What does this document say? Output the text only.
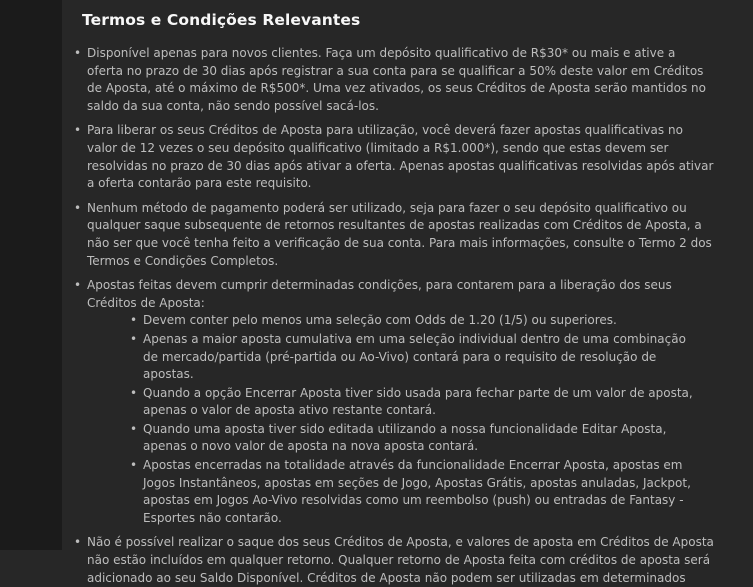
Termos e Condições Relevantes
• Disponível apenas para novos clientes. Faça um depósito qualificativo de R$30* ou mais e ative a oferta no prazo de 30 dias após registrar a sua conta para se qualificar a 50% deste valor em Créditos de Aposta, até o máximo de R$500*. Uma vez ativados, os seus Créditos de Aposta serão mantidos no saldo da sua conta, não sendo possível sacá-los.
• Para liberar os seus Créditos de Aposta para utilização, você deverá fazer apostas qualificativas no valor de 12 vezes o seu depósito qualificativo (limitado a R$1.000*), sendo que estas devem ser resolvidas no prazo de 30 dias após ativar a oferta. Apenas apostas qualificativas resolvidas após ativar a oferta contarão para este requisito.
• Nenhum método de pagamento poderá ser utilizado, seja para fazer o seu depósito qualificativo ou qualquer saque subsequente de retornos resultantes de apostas realizadas com Créditos de Aposta, a não ser que você tenha feito a verificação de sua conta. Para mais informações, consulte o Termo 2 dos Termos e Condições Completos.
• Apostas feitas devem cumprir determinadas condições, para contarem para a liberação dos seus Créditos de Aposta:
• Devem conter pelo menos uma seleção com Odds de 1.20 (1/5) ou superiores.
• Apenas a maior aposta cumulativa em uma seleção individual dentro de uma combinação de mercado/partida (pré-partida ou Ao-Vivo) contará para o requisito de resolução de apostas.
• Quando a opção Encerrar Aposta tiver sido usada para fechar parte de um valor de aposta, apenas o valor de aposta ativo restante contará.
• Quando uma aposta tiver sido editada utilizando a nossa funcionalidade Editar Aposta, apenas o novo valor de aposta na nova aposta contará.
• Apostas encerradas na totalidade através da funcionalidade Encerrar Aposta, apostas em Jogos Instantâneos, apostas em seções de Jogo, Apostas Grátis, apostas anuladas, Jackpot, apostas em Jogos Ao-Vivo resolvidas como um reembolso (push) ou entradas de Fantasy - Esportes não contarão.
• Não é possível realizar o saque dos seus Créditos de Aposta, e valores de aposta em Créditos de Aposta não estão incluídos em qualquer retorno. Qualquer retorno de Aposta feita com créditos de aposta será adicionado ao seu Saldo Disponível. Créditos de Aposta não podem ser utilizadas em determinados
